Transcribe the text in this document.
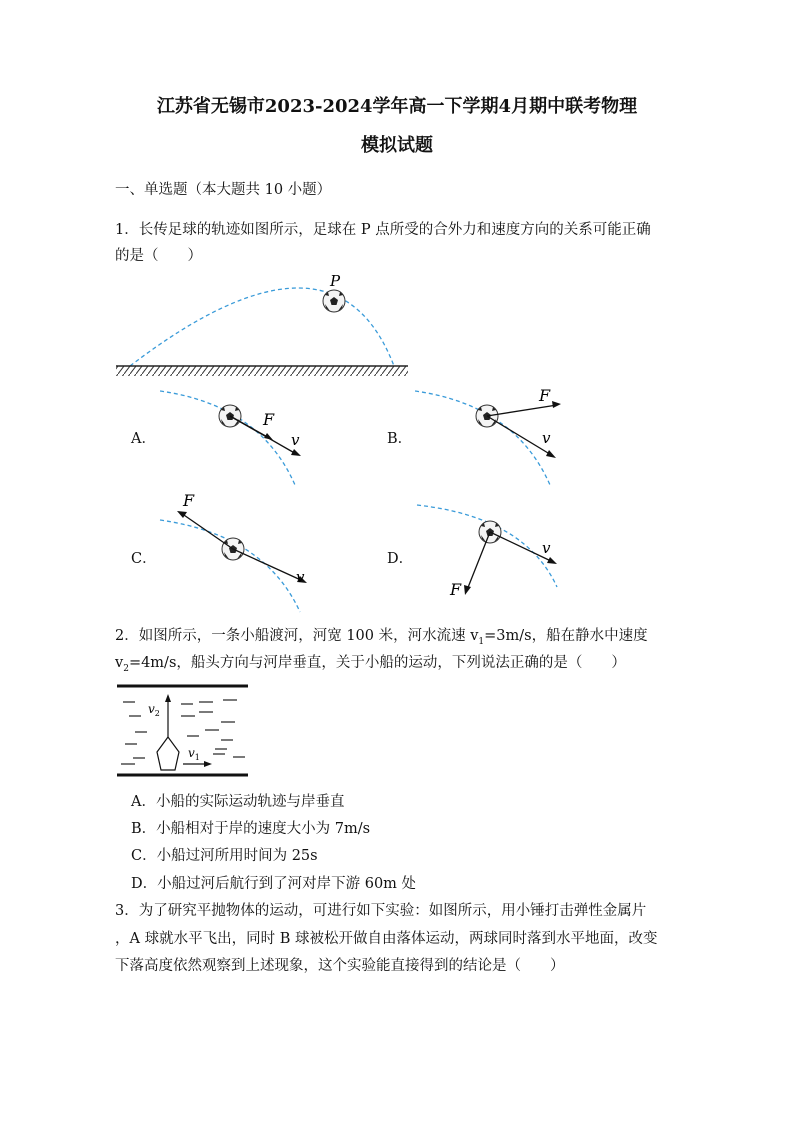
江苏省无锡市2023-2024学年高一下学期4月期中联考物理
模拟试题
一、单选题（本大题共 10 小题）
1．长传足球的轨迹如图所示，足球在 P 点所受的合外力和速度方向的关系可能正确
的是（　　）
P
A．
F
v	B．
F
v
C．
F
v
D．
F
v
2．如图所示，一条小船渡河，河宽 100 米，河水流速 $v_1=3m/s$，船在静水中速度
$v_2=4m/s$，船头方向与河岸垂直，关于小船的运动，下列说法正确的是（　　）
$v_2$
$v_1$
A．小船的实际运动轨迹与岸垂直
B．小船相对于岸的速度大小为 7m/s
C．小船过河所用时间为 25s
D．小船过河后航行到了河对岸下游 60m 处
3．为了研究平抛物体的运动，可进行如下实验：如图所示，用小锤打击弹性金属片
，A 球就水平飞出，同时 B 球被松开做自由落体运动，两球同时落到水平地面，改变
下落高度依然观察到上述现象，这个实验能直接得到的结论是（　　）
